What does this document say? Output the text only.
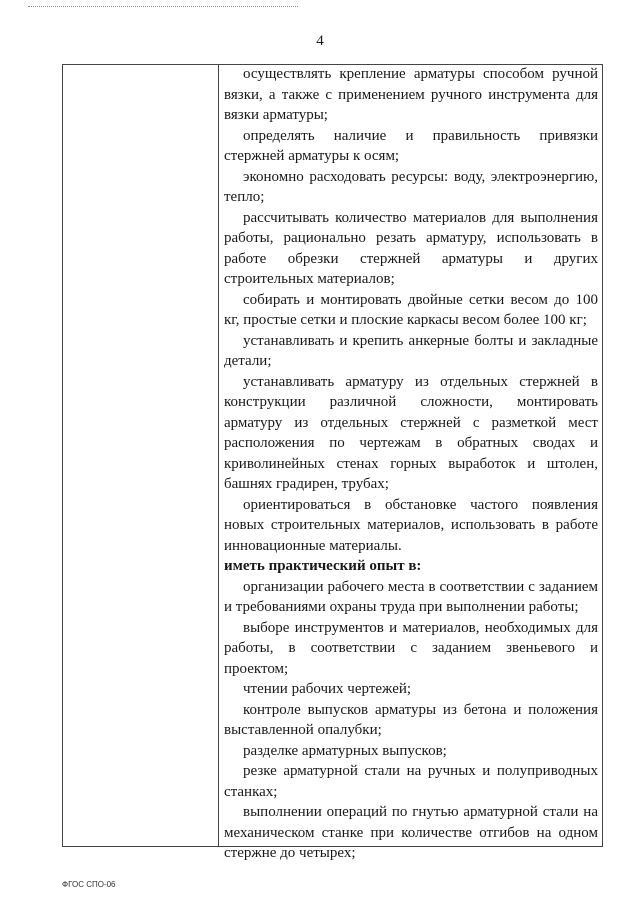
4

осуществлять крепление арматуры способом ручной вязки, а также с применением ручного инструмента для вязки арматуры;

определять наличие и правильность привязки стержней арматуры к осям;

экономно расходовать ресурсы: воду, электроэнергию, тепло;

рассчитывать количество материалов для выполнения работы, рационально резать арматуру, использовать в работе обрезки стержней арматуры и других строительных материалов;

собирать и монтировать двойные сетки весом до 100 кг, простые сетки и плоские каркасы весом более 100 кг;

устанавливать и крепить анкерные болты и закладные детали;

устанавливать арматуру из отдельных стержней в конструкции различной сложности, монтировать арматуру из отдельных стержней с разметкой мест расположения по чертежам в обратных сводах и криволинейных стенах горных выработок и штолен, башнях градирен, трубах;

ориентироваться в обстановке частого появления новых строительных материалов, использовать в работе инновационные материалы.

иметь практический опыт в:

организации рабочего места в соответствии с заданием и требованиями охраны труда при выполнении работы;

выборе инструментов и материалов, необходимых для работы, в соответствии с заданием звеньевого и проектом;

чтении рабочих чертежей;

контроле выпусков арматуры из бетона и положения выставленной опалубки;

разделке арматурных выпусков;

резке арматурной стали на ручных и полуприводных станках;

выполнении операций по гнутью арматурной стали на механическом станке при количестве отгибов на одном стержне до четырех;

ФГОС СПО-06
